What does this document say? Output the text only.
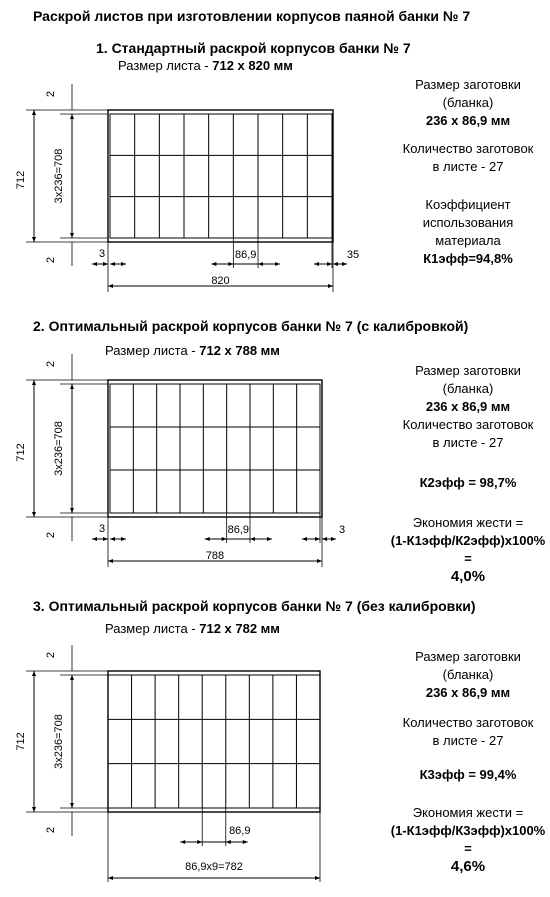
Раскрой листов при изготовлении корпусов паяной банки № 7
1. Стандартный раскрой корпусов банки № 7
Размер листа - 712 х 820 мм
Размер заготовки
(бланка)
236 х 86,9 мм
Количество заготовок
в листе - 27
Коэффициент
использования
материала
К1эфф=94,8%
2. Оптимальный раскрой корпусов банки № 7 (с калибровкой)
Размер листа - 712 х 788 мм
Размер заготовки
(бланка)
236 х 86,9 мм
Количество заготовок
в листе - 27
К2эфф = 98,7%
Экономия жести =
(1-К1эфф/К2эфф)х100% =
4,0%
3. Оптимальный раскрой корпусов банки № 7 (без калибровки)
Размер листа - 712 х 782 мм
Размер заготовки
(бланка)
236 х 86,9 мм
Количество заготовок
в листе - 27
К3эфф = 99,4%
Экономия жести =
(1-К1эфф/К3эфф)х100% =
4,6%
712 3х236=708
2
2	3	86,9	35
820
712 3х236=708
2
2	3	86,9	3
788
712 3х236=708
2
2	86,9
86,9х9=782
